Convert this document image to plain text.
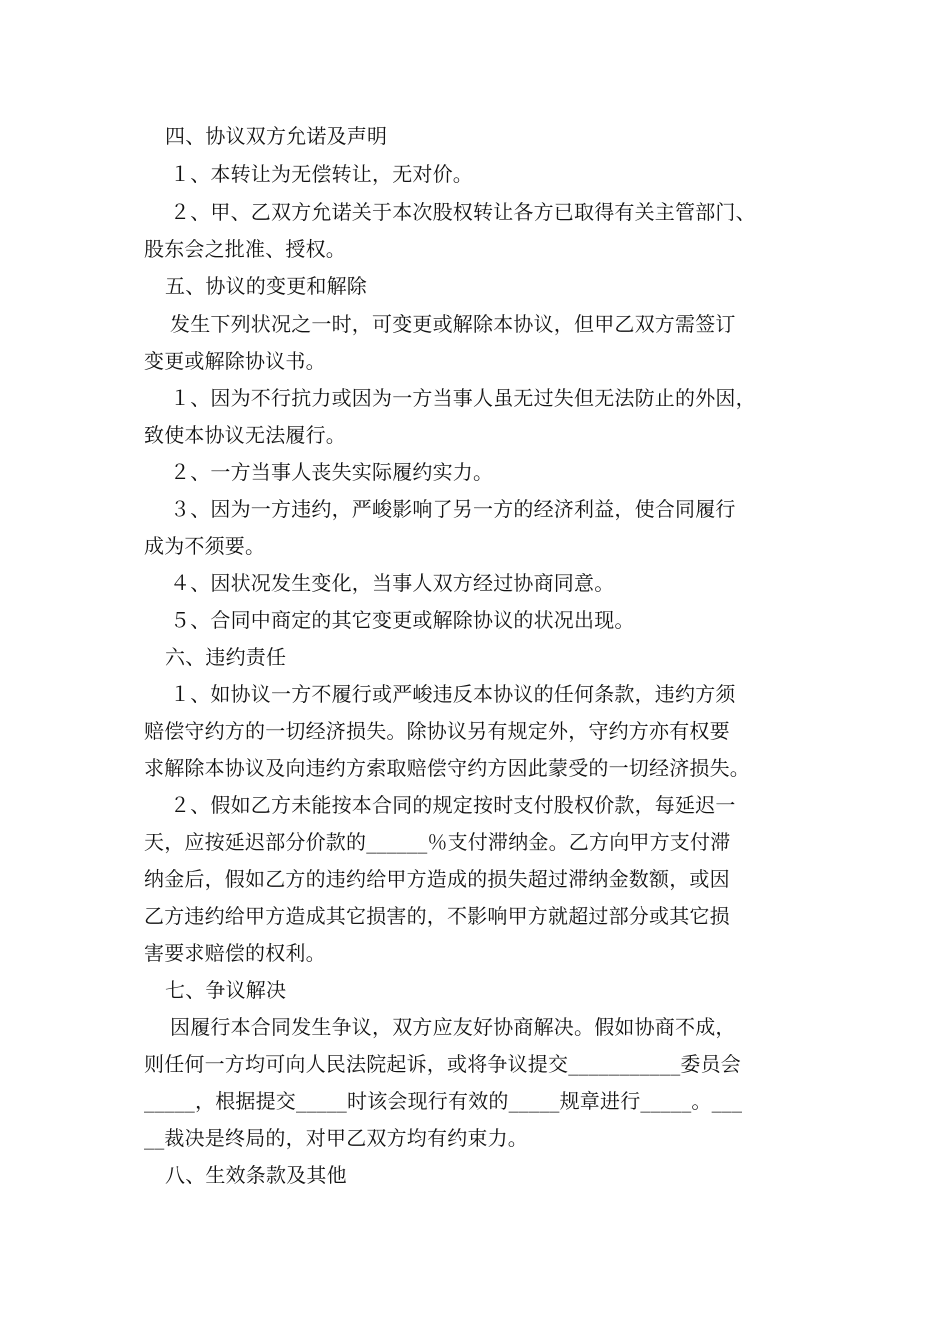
四、协议双方允诺及声明
１、本转让为无偿转让，无对价。
２、甲、乙双方允诺关于本次股权转让各方已取得有关主管部门、
股东会之批准、授权。
五、协议的变更和解除
发生下列状况之一时，可变更或解除本协议，但甲乙双方需签订
变更或解除协议书。
１、因为不行抗力或因为一方当事人虽无过失但无法防止的外因，
致使本协议无法履行。
２、一方当事人丧失实际履约实力。
３、因为一方违约，严峻影响了另一方的经济利益，使合同履行
成为不须要。
４、因状况发生变化，当事人双方经过协商同意。
５、合同中商定的其它变更或解除协议的状况出现。
六、违约责任
１、如协议一方不履行或严峻违反本协议的任何条款，违约方须
赔偿守约方的一切经济损失。除协议另有规定外，守约方亦有权要
求解除本协议及向违约方索取赔偿守约方因此蒙受的一切经济损失。
２、假如乙方未能按本合同的规定按时支付股权价款，每延迟一
天，应按延迟部分价款的______％支付滞纳金。乙方向甲方支付滞
纳金后，假如乙方的违约给甲方造成的损失超过滞纳金数额，或因
乙方违约给甲方造成其它损害的，不影响甲方就超过部分或其它损
害要求赔偿的权利。
七、争议解决
因履行本合同发生争议，双方应友好协商解决。假如协商不成，
则任何一方均可向人民法院起诉，或将争议提交___________委员会
_____，根据提交_____时该会现行有效的_____规章进行_____。___
__裁决是终局的，对甲乙双方均有约束力。
八、生效条款及其他
